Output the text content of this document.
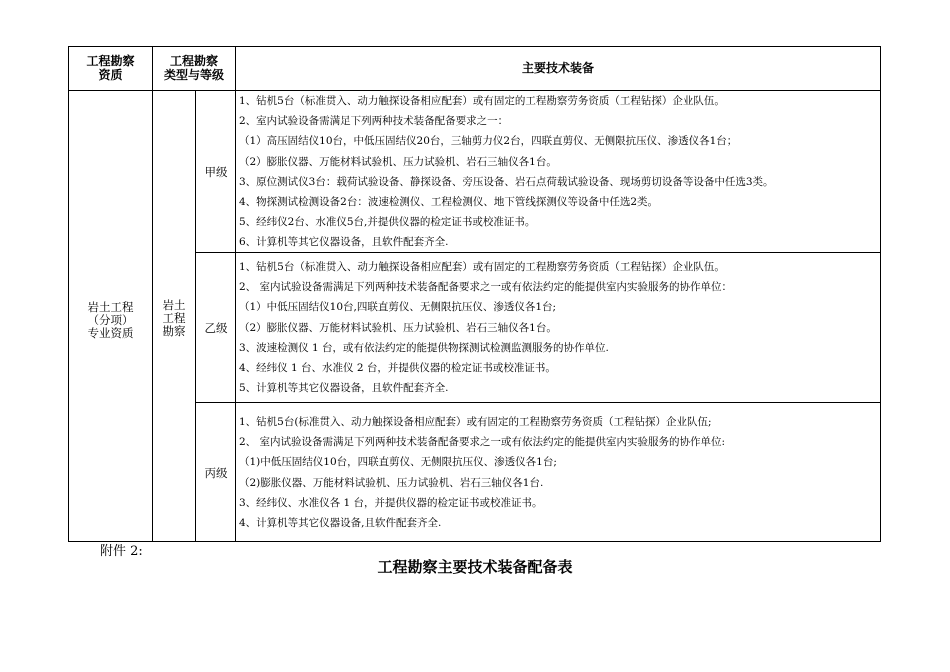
工程勘察
资质
工程勘察
类型与等级	主要技术装备
岩土工程
（分项）
专业资质
岩土
工程
勘察
甲级
乙级
丙级
1、钻机5台（标准贯入、动力触探设备相应配套）或有固定的工程勘察劳务资质（工程钻探）企业队伍。
2、室内试验设备需满足下列两种技术装备配备要求之一：
（1）高压固结仪10台，中低压固结仪20台，三轴剪力仪2台，四联直剪仪、无侧限抗压仪、渗透仪各1台；
（2）膨胀仪器、万能材料试验机、压力试验机、岩石三轴仪各1台。
3、原位测试仪3台：载荷试验设备、静探设备、旁压设备、岩石点荷载试验设备、现场剪切设备等设备中任选3类。
4、物探测试检测设备2台：波速检测仪、工程检测仪、地下管线探测仪等设备中任选2类。
5、经纬仪2台、水准仪5台,并提供仪器的检定证书或校准证书。
6、计算机等其它仪器设备，且软件配套齐全.
1、钻机5台（标准贯入、动力触探设备相应配套）或有固定的工程勘察劳务资质（工程钻探）企业队伍。
2、 室内试验设备需满足下列两种技术装备配备要求之一或有依法约定的能提供室内实验服务的协作单位：
（1）中低压固结仪10台,四联直剪仪、无侧限抗压仪、渗透仪各1台;
（2）膨胀仪器、万能材料试验机、压力试验机、岩石三轴仪各1台。
3、波速检测仪 1 台，或有依法约定的能提供物探测试检测监测服务的协作单位.
4、经纬仪 1 台、水准仪 2 台，并提供仪器的检定证书或校准证书。
5、计算机等其它仪器设备，且软件配套齐全.
1、钻机5台(标准贯入、动力触探设备相应配套）或有固定的工程勘察劳务资质（工程钻探）企业队伍;
2、 室内试验设备需满足下列两种技术装备配备要求之一或有依法约定的能提供室内实验服务的协作单位:
（1)中低压固结仪10台，四联直剪仪、无侧限抗压仪、渗透仪各1台;
（2)膨胀仪器、万能材料试验机、压力试验机、岩石三轴仪各1台.
3、经纬仪、水准仪各 1 台，并提供仪器的检定证书或校准证书。
4、计算机等其它仪器设备,且软件配套齐全.
附件 2:
工程勘察主要技术装备配备表
